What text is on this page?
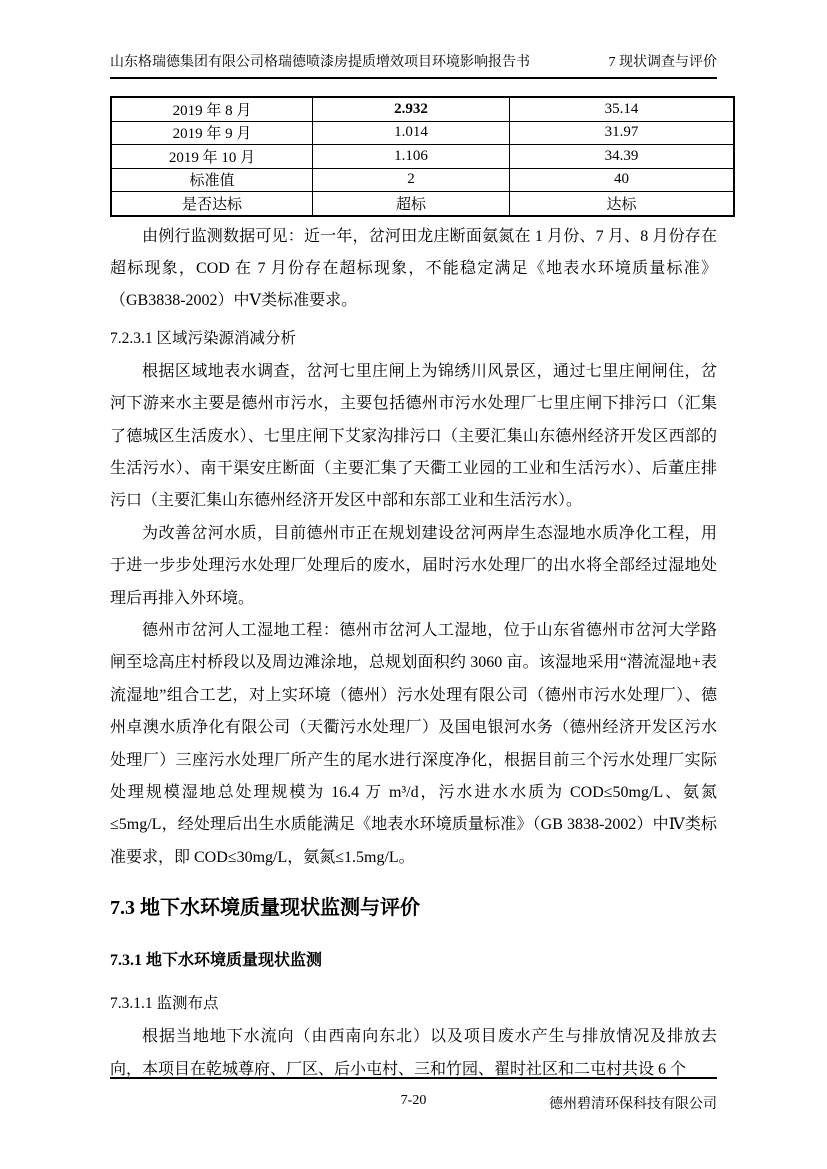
山东格瑞德集团有限公司格瑞德喷漆房提质增效项目环境影响报告书	7 现状调查与评价
2019 年 8 月	2.932	35.14
2019 年 9 月	1.014	31.97
2019 年 10 月	1.106	34.39
标准值	2	40
是否达标	超标	达标

由例行监测数据可见：近一年，岔河田龙庄断面氨氮在 1 月份、7 月、8 月份存在超标现象，COD 在 7 月份存在超标现象，不能稳定满足《地表水环境质量标准》（GB3838-2002）中Ⅴ类标准要求。

7.2.3.1 区域污染源消减分析

根据区域地表水调查，岔河七里庄闸上为锦绣川风景区，通过七里庄闸闸住，岔河下游来水主要是德州市污水，主要包括德州市污水处理厂七里庄闸下排污口（汇集了德城区生活废水）、七里庄闸下艾家沟排污口（主要汇集山东德州经济开发区西部的生活污水）、南干渠安庄断面（主要汇集了天衢工业园的工业和生活污水）、后董庄排污口（主要汇集山东德州经济开发区中部和东部工业和生活污水）。

为改善岔河水质，目前德州市正在规划建设岔河两岸生态湿地水质净化工程，用于进一步步处理污水处理厂处理后的废水，届时污水处理厂的出水将全部经过湿地处理后再排入外环境。

德州市岔河人工湿地工程：德州市岔河人工湿地，位于山东省德州市岔河大学路闸至埝高庄村桥段以及周边滩涂地，总规划面积约 3060 亩。该湿地采用“潜流湿地+表流湿地”组合工艺，对上实环境（德州）污水处理有限公司（德州市污水处理厂）、德州卓澳水质净化有限公司（天衢污水处理厂）及国电银河水务（德州经济开发区污水处理厂）三座污水处理厂所产生的尾水进行深度净化，根据目前三个污水处理厂实际处理规模湿地总处理规模为 16.4 万 m³/d，污水进水水质为 COD≤50mg/L、氨氮≤5mg/L，经处理后出生水质能满足《地表水环境质量标准》（GB 3838-2002）中Ⅳ类标准要求，即 COD≤30mg/L，氨氮≤1.5mg/L。

7.3 地下水环境质量现状监测与评价
7.3.1 地下水环境质量现状监测
7.3.1.1 监测布点

根据当地地下水流向（由西南向东北）以及项目废水产生与排放情况及排放去向，本项目在乾城尊府、厂区、后小屯村、三和竹园、翟时社区和二屯村共设 6 个

7-20	德州碧清环保科技有限公司
